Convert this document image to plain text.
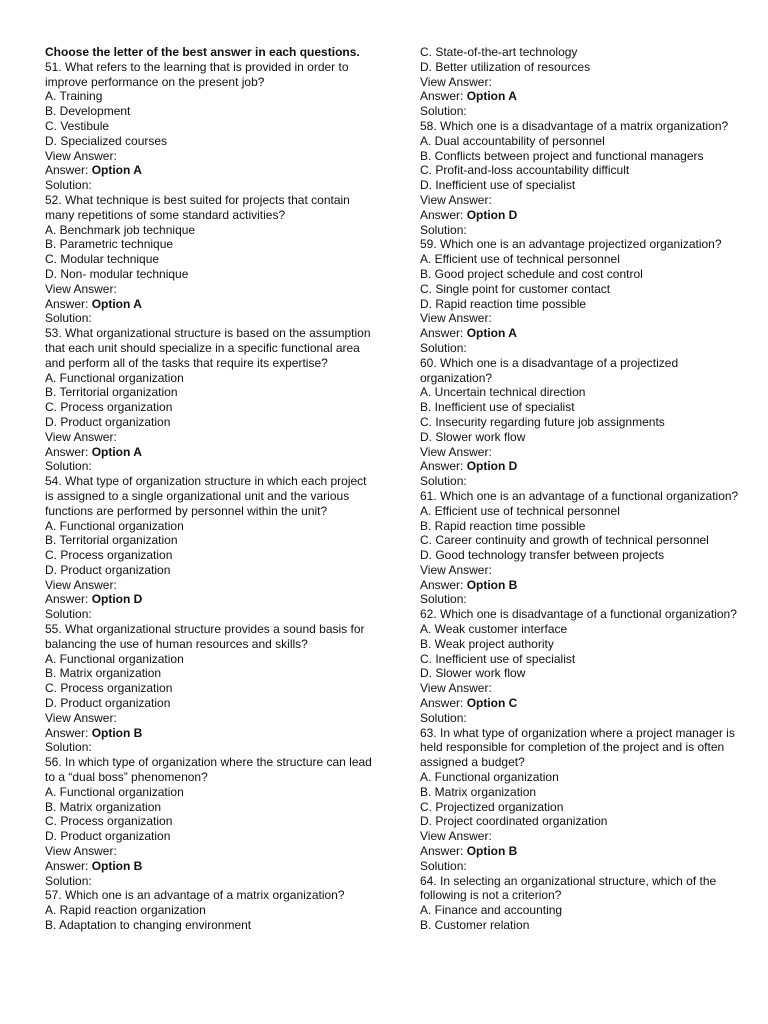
Choose the letter of the best answer in each questions.
51. What refers to the learning that is provided in order to improve performance on the present job?
A. Training
B. Development
C. Vestibule
D. Specialized courses
View Answer:
Answer: Option A
Solution:
52. What technique is best suited for projects that contain many repetitions of some standard activities?
A. Benchmark job technique
B. Parametric technique
C. Modular technique
D. Non- modular technique
View Answer:
Answer: Option A
Solution:
53. What organizational structure is based on the assumption that each unit should specialize in a specific functional area and perform all of the tasks that require its expertise?
A. Functional organization
B. Territorial organization
C. Process organization
D. Product organization
View Answer:
Answer: Option A
Solution:
54. What type of organization structure in which each project is assigned to a single organizational unit and the various functions are performed by personnel within the unit?
A. Functional organization
B. Territorial organization
C. Process organization
D. Product organization
View Answer:
Answer: Option D
Solution:
55. What organizational structure provides a sound basis for balancing the use of human resources and skills?
A. Functional organization
B. Matrix organization
C. Process organization
D. Product organization
View Answer:
Answer: Option B
Solution:
56. In which type of organization where the structure can lead to a “dual boss” phenomenon?
A. Functional organization
B. Matrix organization
C. Process organization
D. Product organization
View Answer:
Answer: Option B
Solution:
57. Which one is an advantage of a matrix organization?
A. Rapid reaction organization
B. Adaptation to changing environment
C. State-of-the-art technology
D. Better utilization of resources
View Answer:
Answer: Option A
Solution:
58. Which one is a disadvantage of a matrix organization?
A. Dual accountability of personnel
B. Conflicts between project and functional managers
C. Profit-and-loss accountability difficult
D. Inefficient use of specialist
View Answer:
Answer: Option D
Solution:
59. Which one is an advantage projectized organization?
A. Efficient use of technical personnel
B. Good project schedule and cost control
C. Single point for customer contact
D. Rapid reaction time possible
View Answer:
Answer: Option A
Solution:
60. Which one is a disadvantage of a projectized organization?
A. Uncertain technical direction
B. Inefficient use of specialist
C. Insecurity regarding future job assignments
D. Slower work flow
View Answer:
Answer: Option D
Solution:
61. Which one is an advantage of a functional organization?
A. Efficient use of technical personnel
B. Rapid reaction time possible
C. Career continuity and growth of technical personnel
D. Good technology transfer between projects
View Answer:
Answer: Option B
Solution:
62. Which one is disadvantage of a functional organization?
A. Weak customer interface
B. Weak project authority
C. Inefficient use of specialist
D. Slower work flow
View Answer:
Answer: Option C
Solution:
63. In what type of organization where a project manager is held responsible for completion of the project and is often assigned a budget?
A. Functional organization
B. Matrix organization
C. Projectized organization
D. Project coordinated organization
View Answer:
Answer: Option B
Solution:
64. In selecting an organizational structure, which of the following is not a criterion?
A. Finance and accounting
B. Customer relation
